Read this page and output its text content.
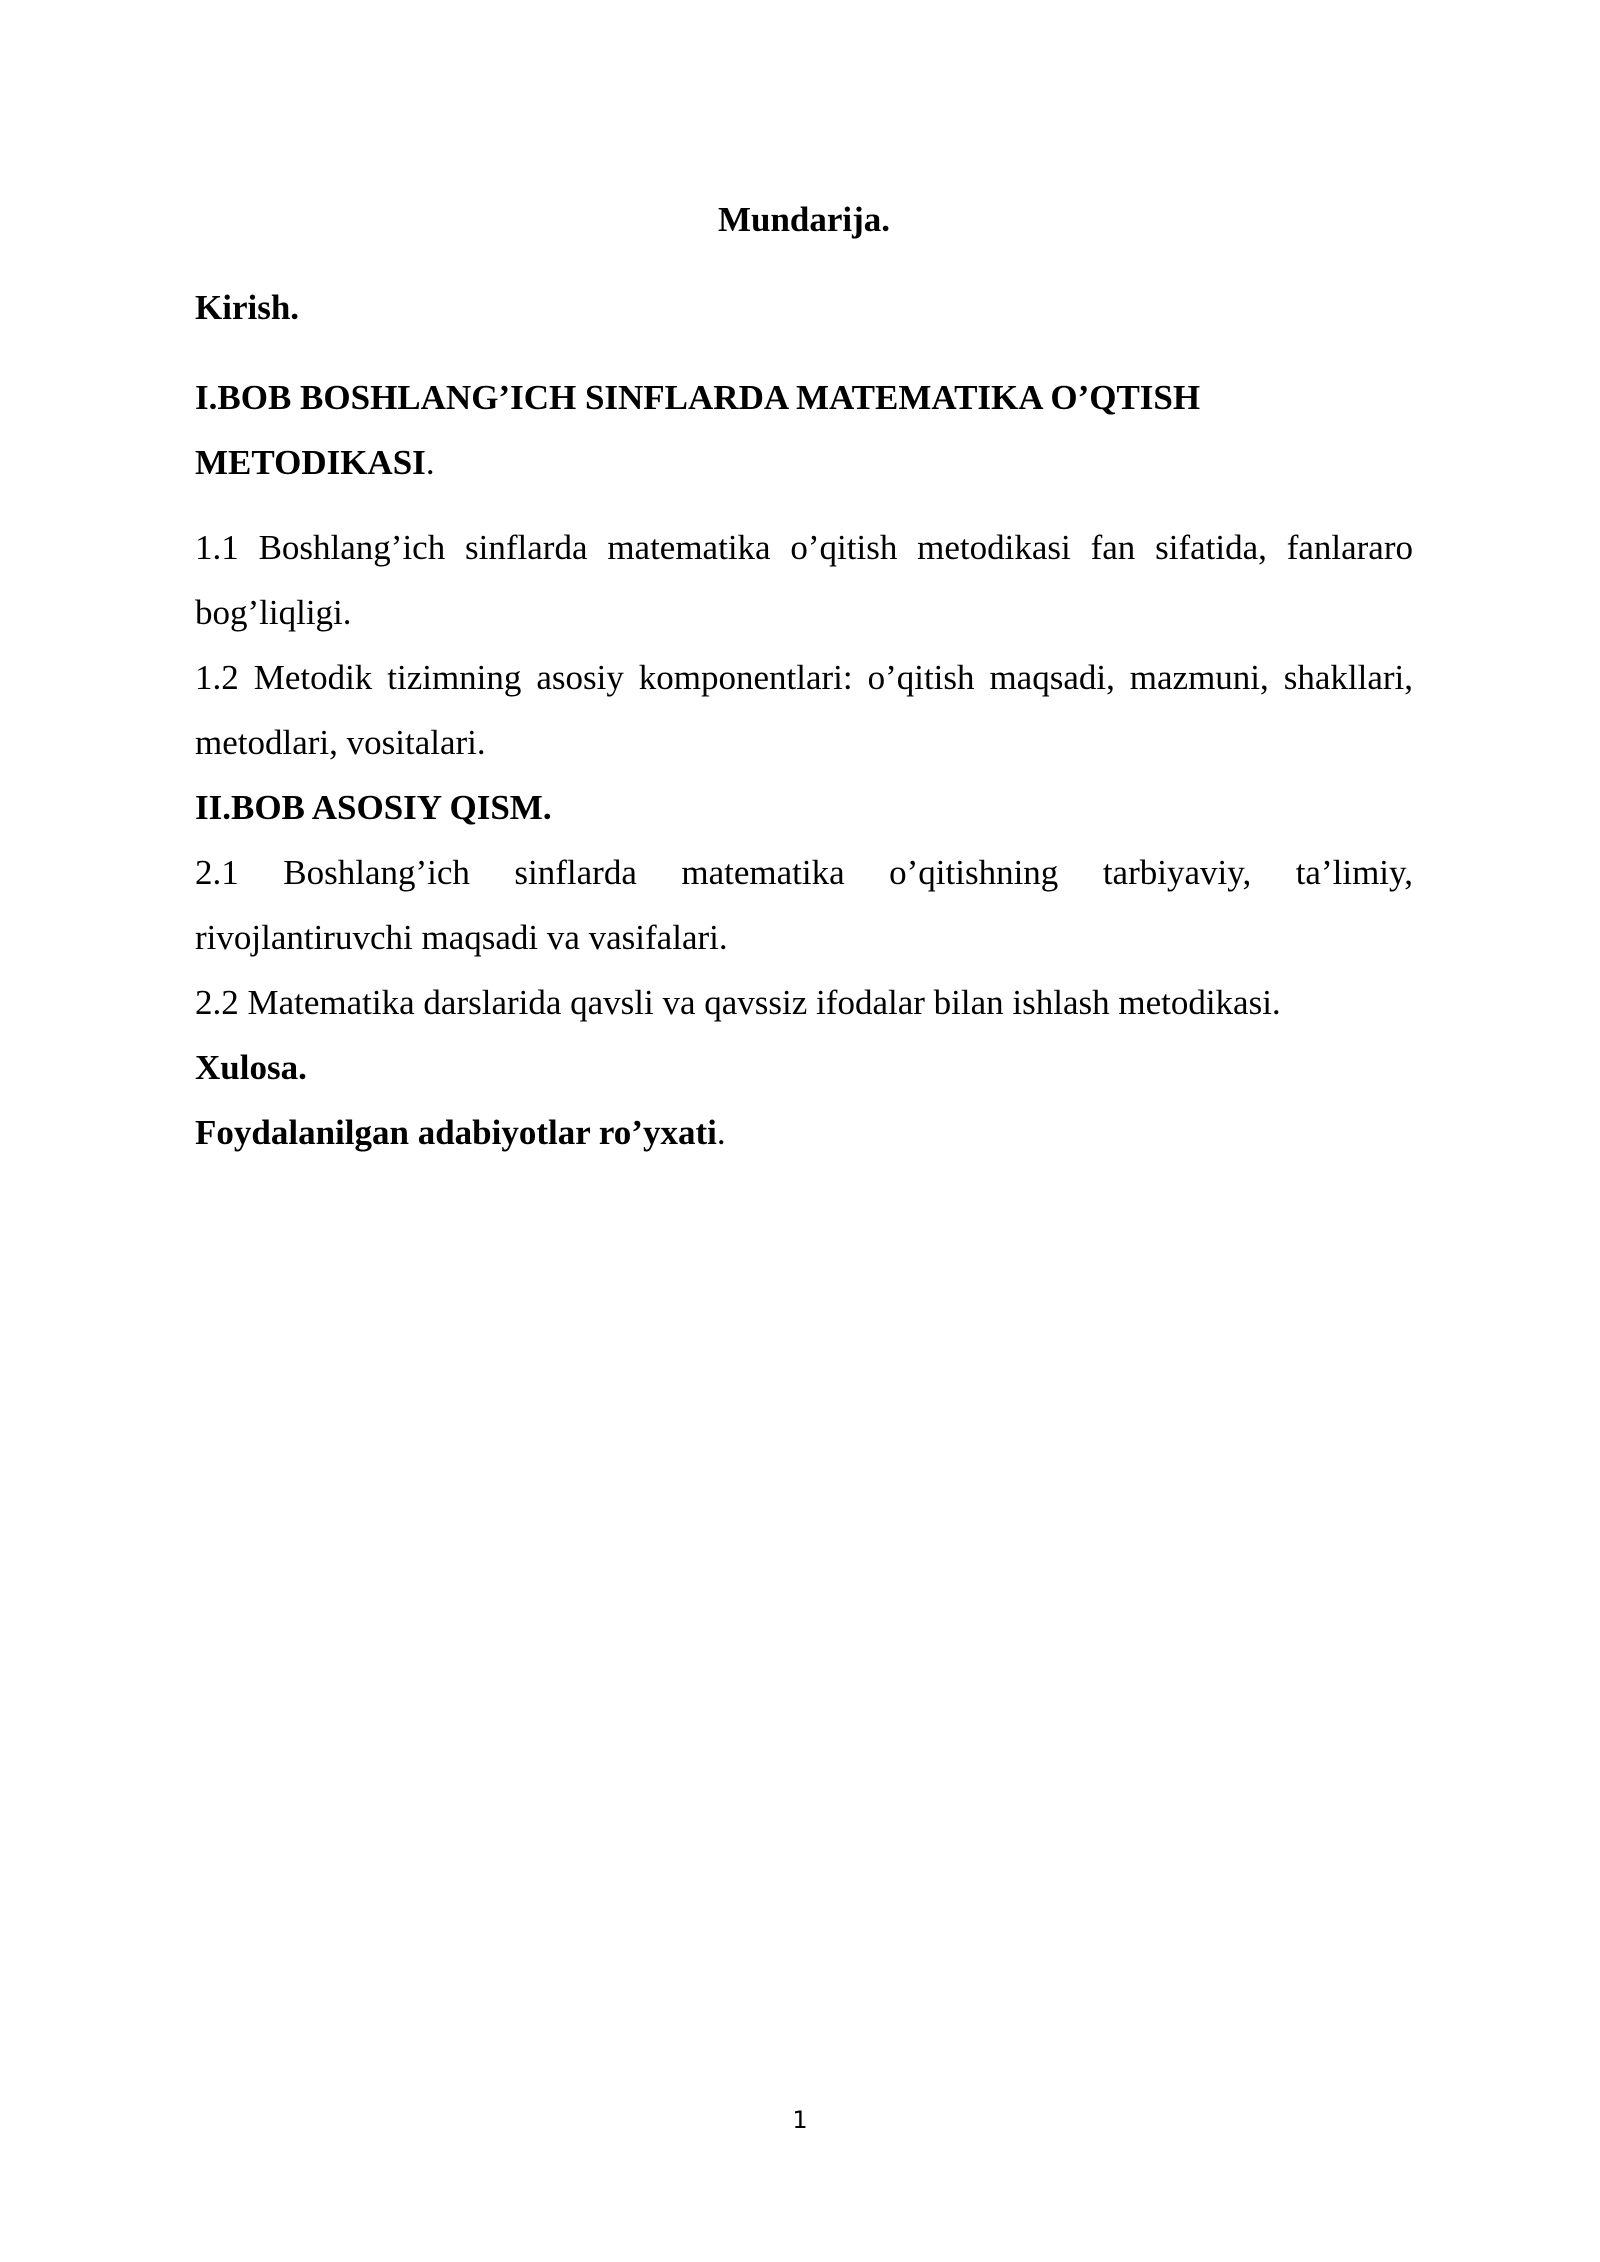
Mundarija.

Kirish.

I.BOB BOSHLANG’ICH SINFLARDA MATEMATIKA O’QTISH METODIKASI.

1.1 Boshlang’ich sinflarda matematika o’qitish metodikasi fan sifatida, fanlararo bog’liqligi.

1.2 Metodik tizimning asosiy komponentlari: o’qitish maqsadi, mazmuni, shakllari, metodlari, vositalari.

II.BOB ASOSIY QISM.

2.1 Boshlang’ich sinflarda matematika o’qitishning tarbiyaviy, ta’limiy, rivojlantiruvchi maqsadi va vasifalari.

2.2 Matematika darslarida qavsli va qavssiz ifodalar bilan ishlash metodikasi.

Xulosa.

Foydalanilgan adabiyotlar ro’yxati.

1
